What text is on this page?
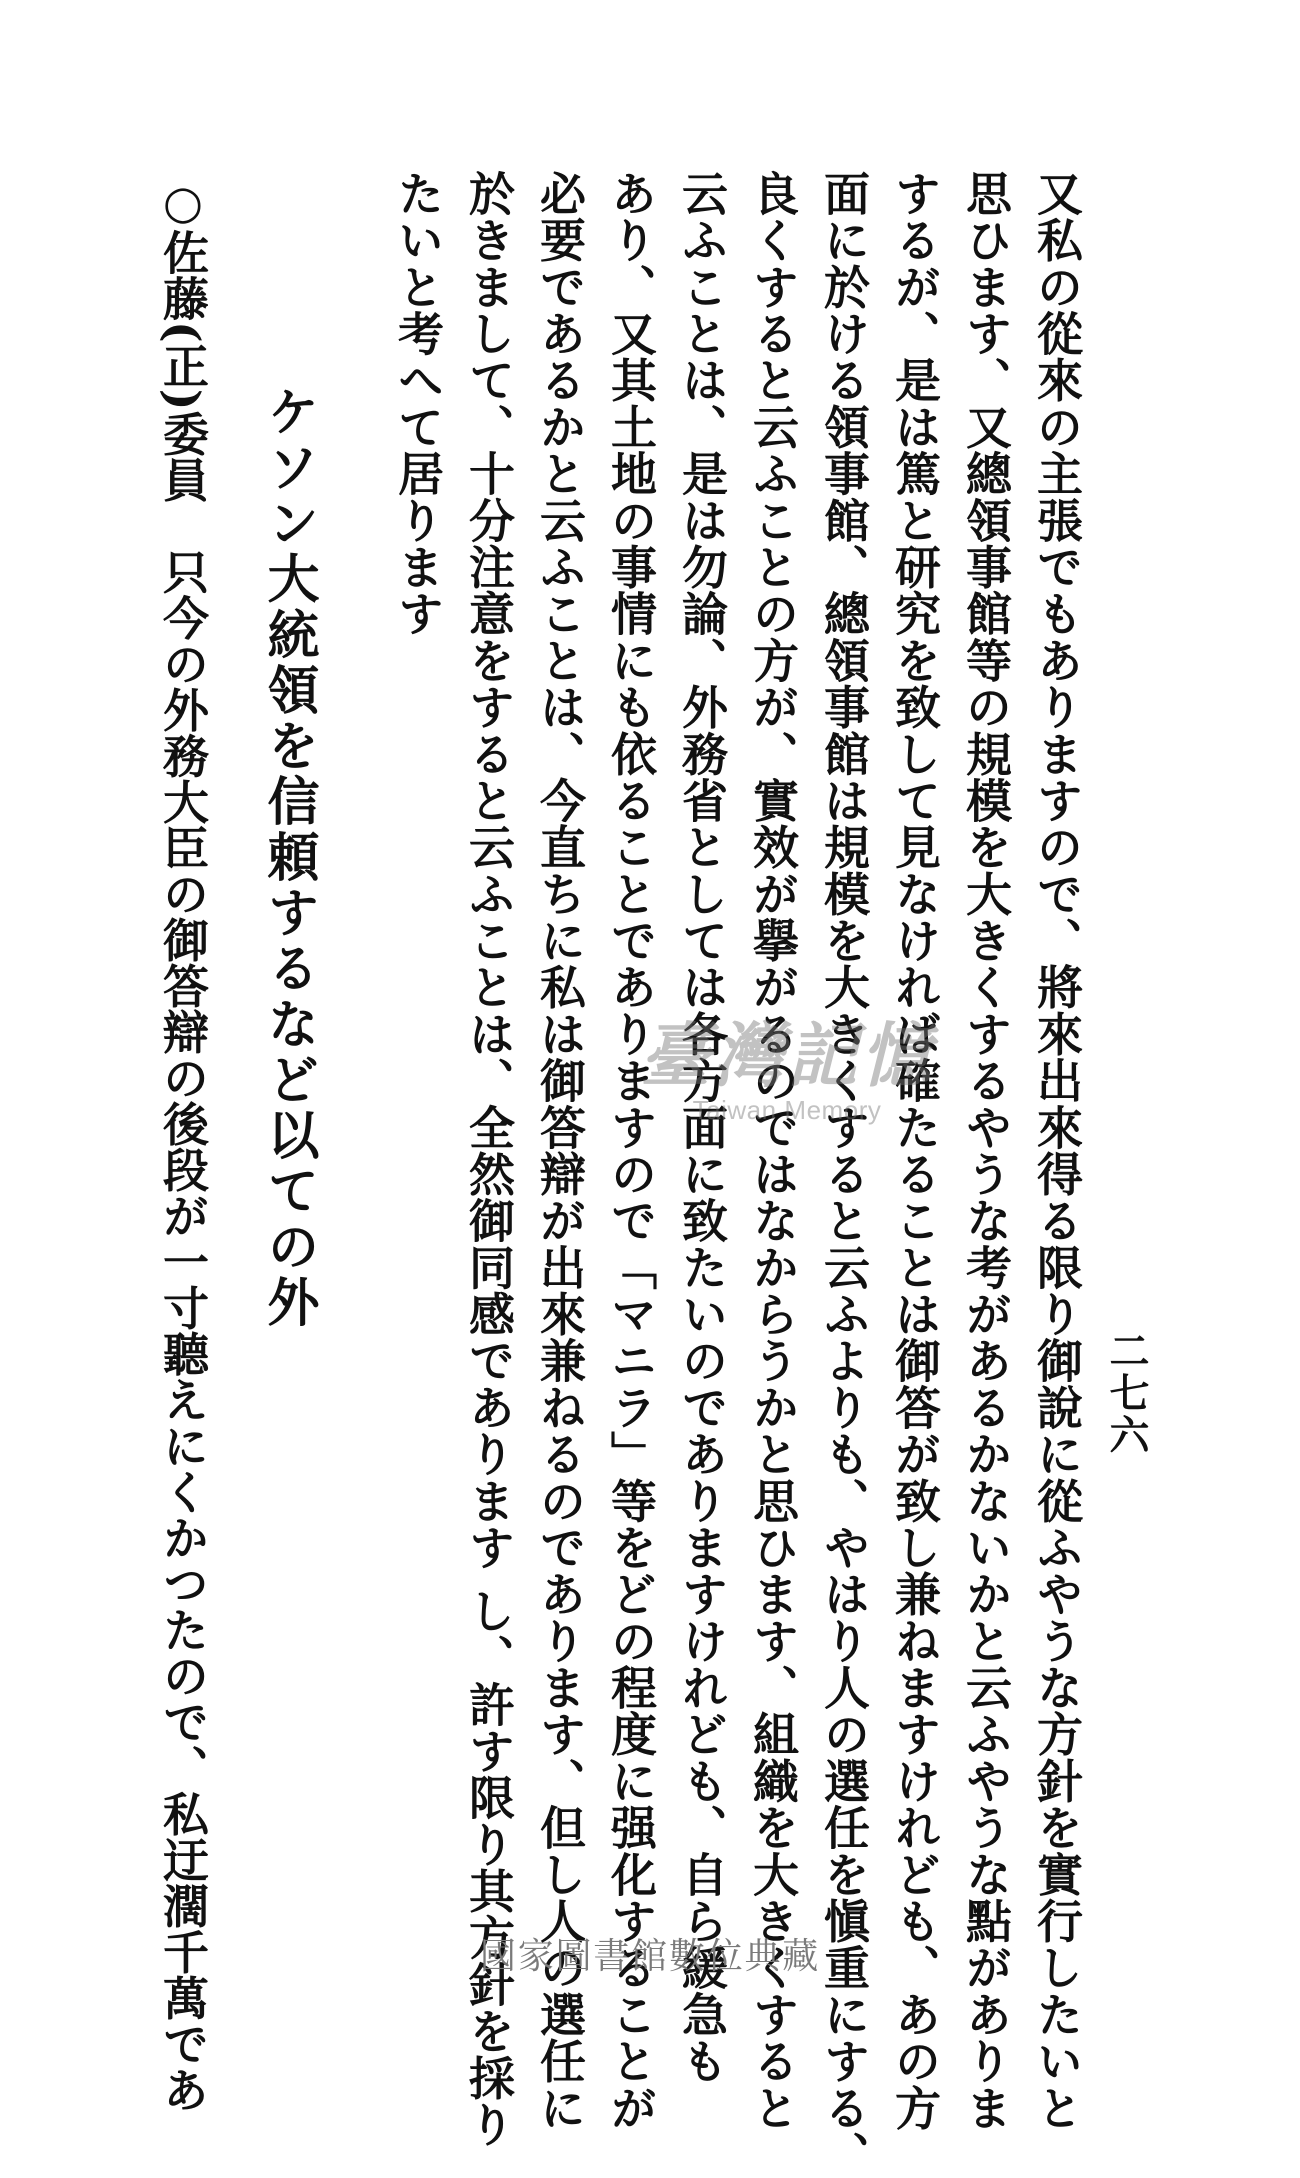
二七六
又私の從來の主張でもありますので、將來出來得る限り御說に從ふやうな方針を實行したいと
思ひます、又總領事館等の規模を大きくするやうな考があるかないかと云ふやうな點がありま
するが、是は篤と研究を致して見なければ確たることは御答が致し兼ねますけれども、あの方
面に於ける領事館、總領事館は規模を大きくすると云ふよりも、やはり人の選任を愼重にする、
良くすると云ふことの方が、實效が擧がるのではなからうかと思ひます、組織を大きくすると
云ふことは、是は勿論、外務省としては各方面に致たいのでありますけれども、自ら緩急も
あり、又其土地の事情にも依ることでありますので「マニラ」等をどの程度に强化することが
必要であるかと云ふことは、今直ちに私は御答辯が出來兼ねるのであります、但し人の選任に
於きまして、十分注意をすると云ふことは、全然御同感であります し、許す限り其方針を採り
たいと考へて居ります
ケソン大統領を信頼するなど以ての外
○佐藤(正)委員只今の外務大臣の御答辯の後段が一寸聽えにくかつたので、私迂濶千萬であ	臺灣記憶
Taiwan Memory
國家圖書館數位典藏
